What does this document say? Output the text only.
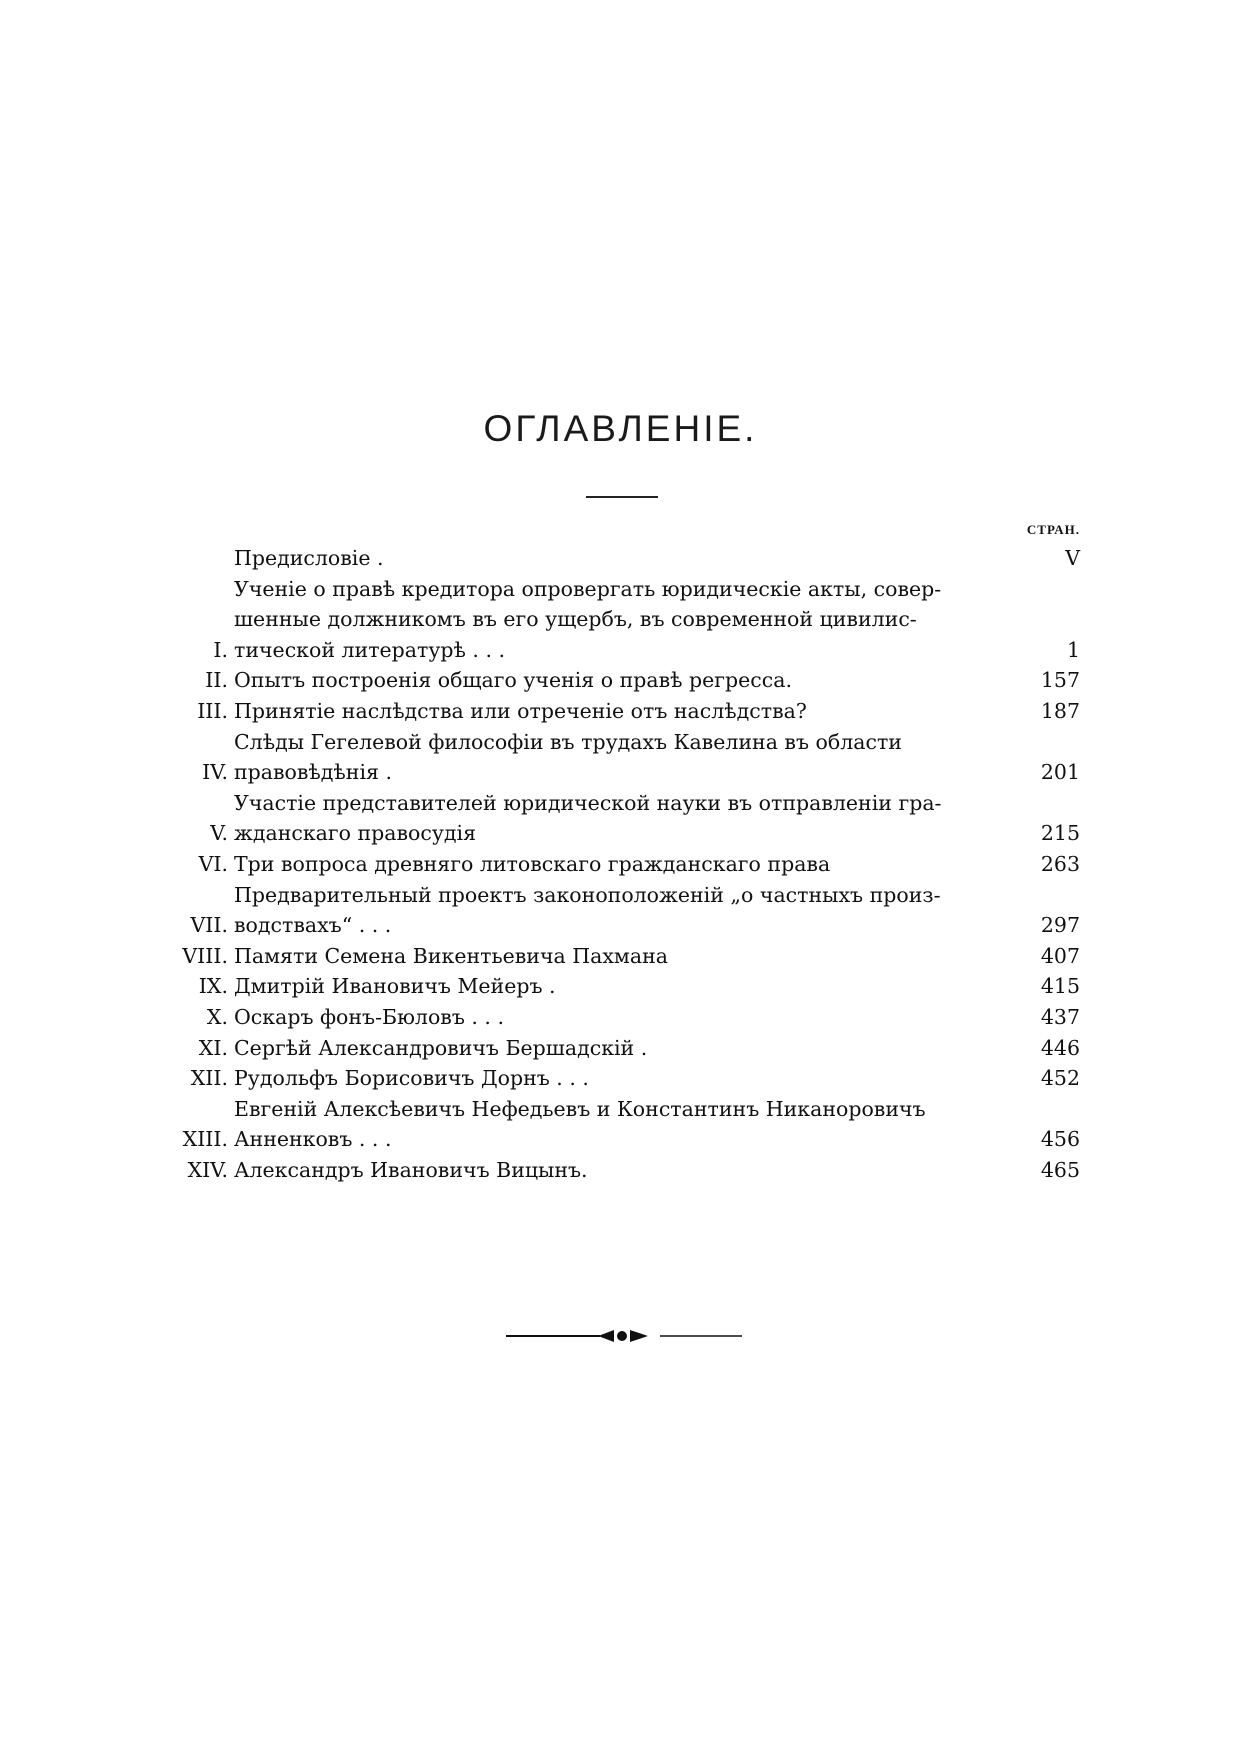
ОГЛАВЛЕНІЕ.
СТРАН.
Предисловіе .	V
I.
Ученіе о правѣ кредитора опровергать юридическіе акты, совер-
шенные должникомъ въ его ущербъ, въ современной цивилис-
тической литературѣ . . .	1
II. Опытъ построенія общаго ученія о правѣ регресса.	157
III. Принятіе наслѣдства или отреченіе отъ наслѣдства?	187
IV.
Слѣды Гегелевой философіи въ трудахъ Кавелина въ области
правовѣдѣнія .	201
V.
Участіе представителей юридической науки въ отправленіи гра-
жданскаго правосудія	215
VI. Три вопроса древняго литовскаго гражданскаго права	263
VII.
Предварительный проектъ законоположеній „о частныхъ произ-
водствахъ“ . . .	297
VIII. Памяти Семена Викентьевича Пахмана	407
IX. Дмитрій Ивановичъ Мейеръ .	415
X. Оскаръ фонъ-Бюловъ . . .	437
XI. Сергѣй Александровичъ Бершадскій .	446
XII. Рудольфъ Борисовичъ Дорнъ . . .	452
XIII.
Евгеній Алексѣевичъ Нефедьевъ и Константинъ Никаноровичъ
Анненковъ . . .	456
XIV. Александръ Ивановичъ Вицынъ.	465
